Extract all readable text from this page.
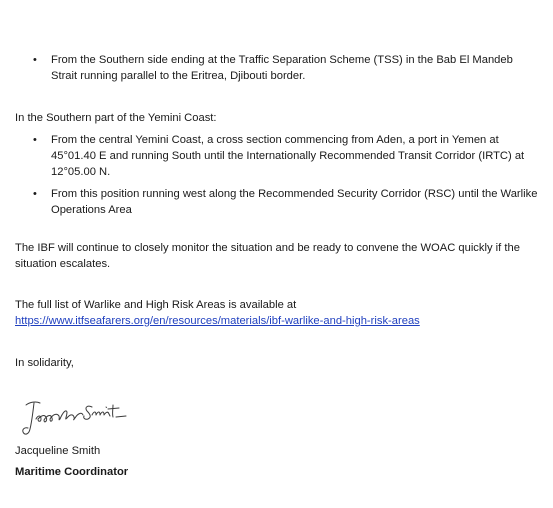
• From the Southern side ending at the Traffic Separation Scheme (TSS) in the Bab El Mandeb Strait running parallel to the Eritrea, Djibouti border.

In the Southern part of the Yemini Coast:

• From the central Yemini Coast, a cross section commencing from Aden, a port in Yemen at 45°01.40 E and running South until the Internationally Recommended Transit Corridor (IRTC) at 12°05.00 N.
• From this position running west along the Recommended Security Corridor (RSC) until the Warlike Operations Area

The IBF will continue to closely monitor the situation and be ready to convene the WOAC quickly if the situation escalates.

The full list of Warlike and High Risk Areas is available at
https://www.itfseafarers.org/en/resources/materials/ibf-warlike-and-high-risk-areas

In solidarity,

Jacqueline Smith

Maritime Coordinator
